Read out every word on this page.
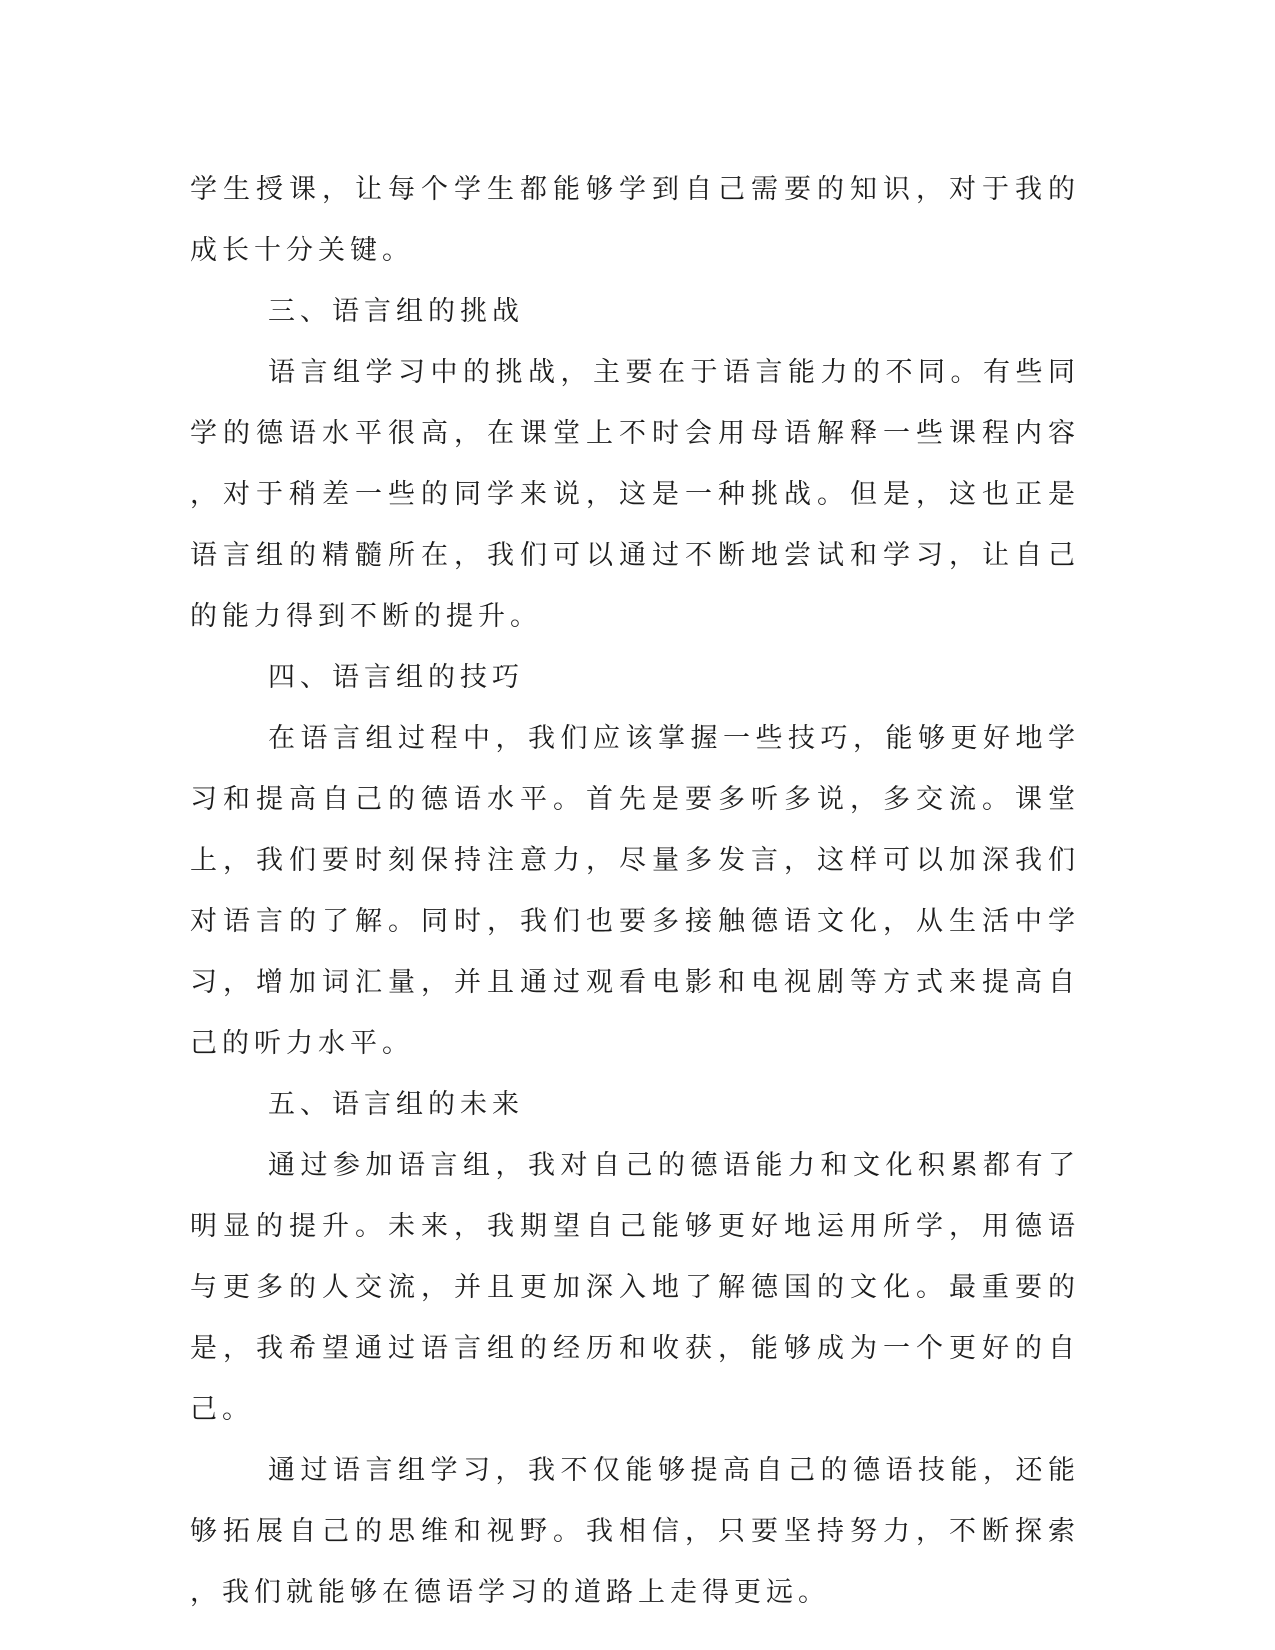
学生授课，让每个学生都能够学到自己需要的知识，对于我的成长十分关键。

三、语言组的挑战

语言组学习中的挑战，主要在于语言能力的不同。有些同学的德语水平很高，在课堂上不时会用母语解释一些课程内容，对于稍差一些的同学来说，这是一种挑战。但是，这也正是语言组的精髓所在，我们可以通过不断地尝试和学习，让自己的能力得到不断的提升。

四、语言组的技巧

在语言组过程中，我们应该掌握一些技巧，能够更好地学习和提高自己的德语水平。首先是要多听多说，多交流。课堂上，我们要时刻保持注意力，尽量多发言，这样可以加深我们对语言的了解。同时，我们也要多接触德语文化，从生活中学习，增加词汇量，并且通过观看电影和电视剧等方式来提高自己的听力水平。

五、语言组的未来

通过参加语言组，我对自己的德语能力和文化积累都有了明显的提升。未来，我期望自己能够更好地运用所学，用德语与更多的人交流，并且更加深入地了解德国的文化。最重要的是，我希望通过语言组的经历和收获，能够成为一个更好的自己。

通过语言组学习，我不仅能够提高自己的德语技能，还能够拓展自己的思维和视野。我相信，只要坚持努力，不断探索，我们就能够在德语学习的道路上走得更远。
